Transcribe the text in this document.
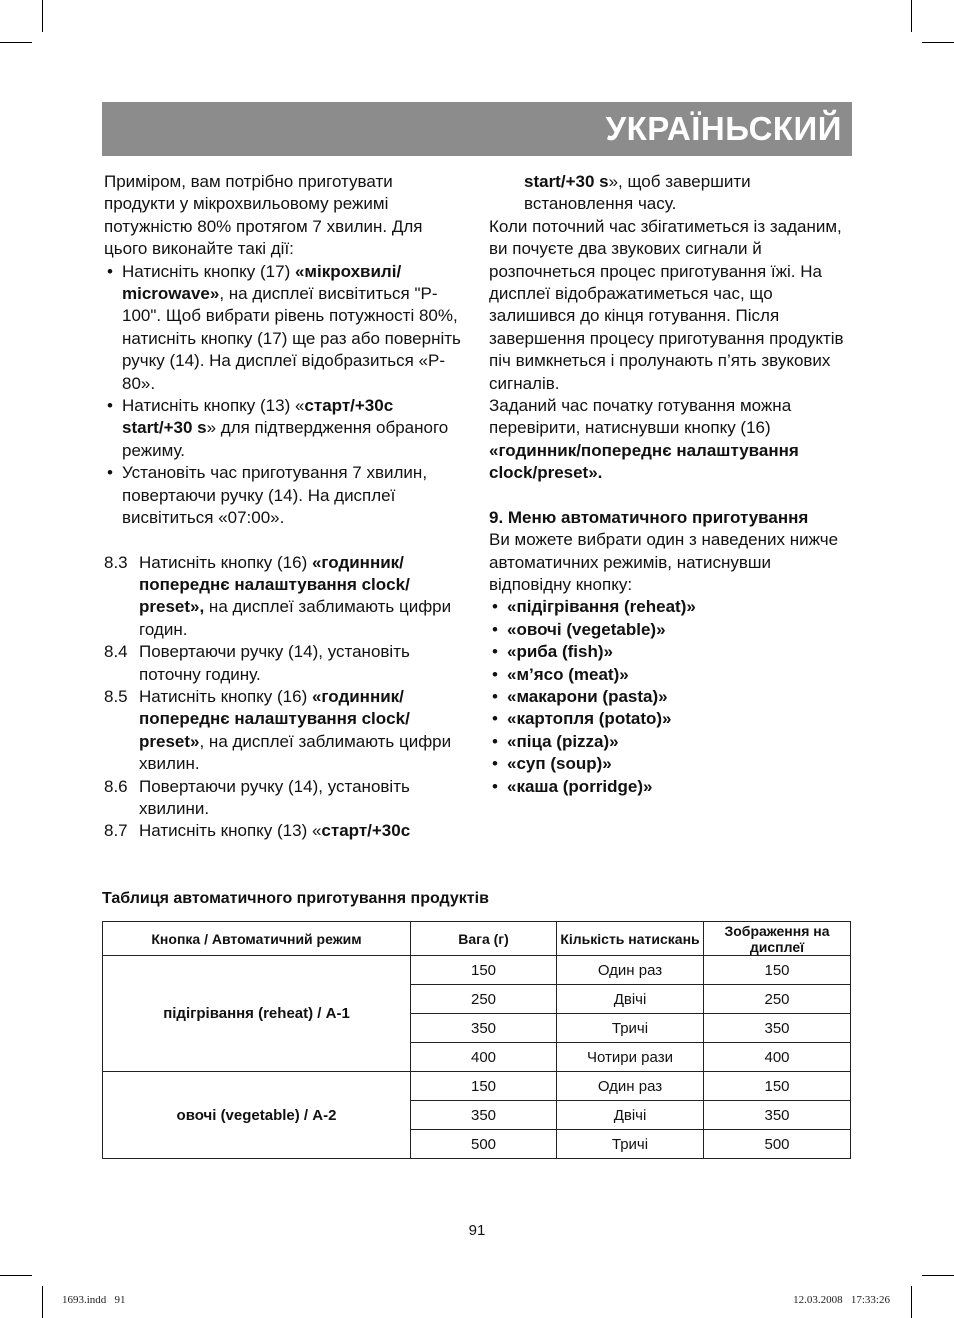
УКРАЇНЬСКИЙ

Приміром, вам потрібно приготувати продукти у мікрохвильовому режимі потужністю 80% протягом 7 хвилин. Для цього виконайте такі дії:

• Натисніть кнопку (17) «мікрохвилі/ microwave», на дисплеї висвітиться "P-100". Щоб вибрати рівень потужності 80%, натисніть кнопку (17) ще раз або поверніть ручку (14). На дисплеї відобразиться «P-80».
• Натисніть кнопку (13) «старт/+30с start/+30 s» для підтвердження обраного режиму.
• Установіть час приготування 7 хвилин, повертаючи ручку (14). На дисплеї висвітиться «07:00».
8.3 Натисніть кнопку (16) «годинник/ попереднє налаштування clock/ preset», на дисплеї заблимають цифри годин.
8.4 Повертаючи ручку (14), установіть поточну годину.
8.5 Натисніть кнопку (16) «годинник/ попереднє налаштування clock/ preset», на дисплеї заблимають цифри хвилин.
8.6 Повертаючи ручку (14), установіть хвилини.
8.7 Натисніть кнопку (13) «старт/+30с

start/+30 s», щоб завершити встановлення часу.

Коли поточний час збігатиметься із заданим, ви почуєте два звукових сигнали й розпочнеться процес приготування їжі. На дисплеї відображатиметься час, що залишився до кінця готування. Після завершення процесу приготування продуктів піч вимкнеться і пролунають п’ять звукових сигналів.

Заданий час початку готування можна перевірити, натиснувши кнопку (16) «годинник/попереднє налаштування clock/preset».

9. Меню автоматичного приготування

Ви можете вибрати один з наведених нижче автоматичних режимів, натиснувши відповідну кнопку:

• «підігрівання (reheat)»
• «овочі (vegetable)»
• «риба (fish)»
• «м’ясо (meat)»
• «макарони (pasta)»
• «картопля (potato)»
• «піца (pizza)»
• «суп (soup)»
• «каша (porridge)»
Таблиця автоматичного приготування продуктів
Кнопка / Автоматичний режим	Вага (г)	Кількість натискань	Зображення на дисплеї
підігрівання (reheat) / A-1	150	Один раз	150
	250	Двічі	250
	350	Тричі	350
	400	Чотири рази	400
овочі (vegetable) / A-2	150	Один раз	150
	350	Двічі	350
	500	Тричі	500
91
1693.indd   91	12.03.2008   17:33:26
